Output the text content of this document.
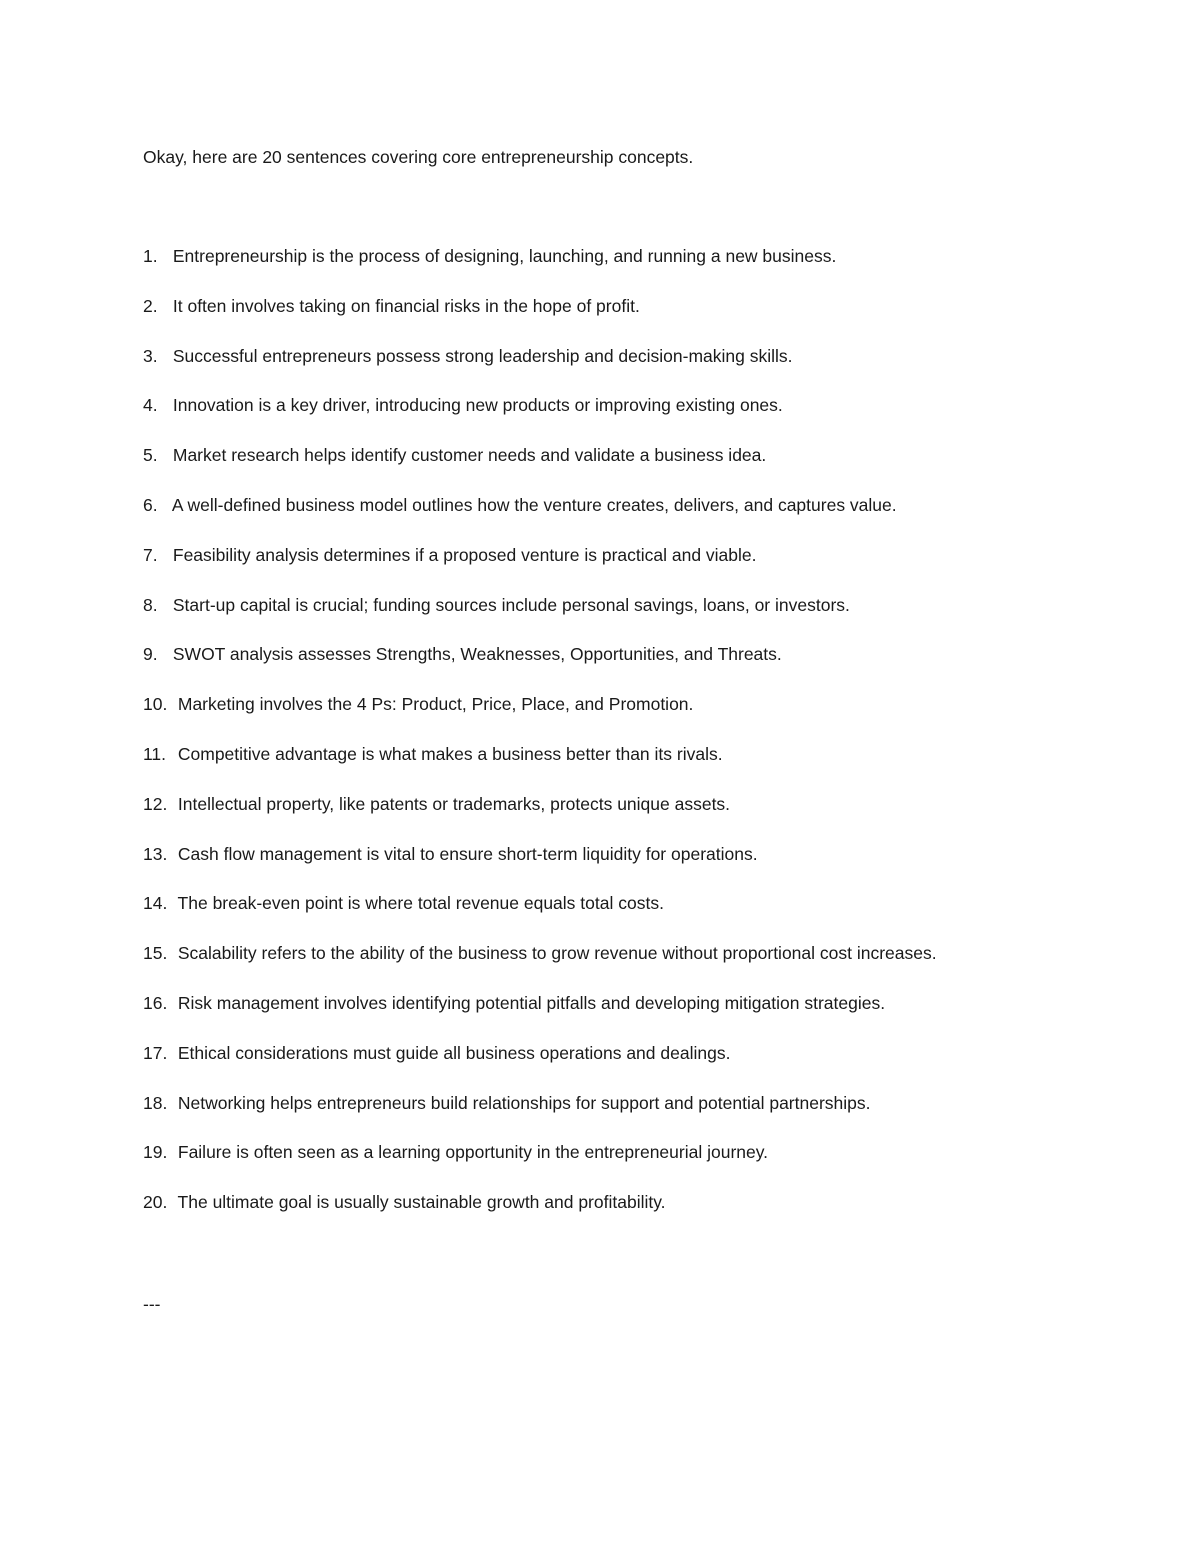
Okay, here are 20 sentences covering core entrepreneurship concepts.
1. Entrepreneurship is the process of designing, launching, and running a new business.
2. It often involves taking on financial risks in the hope of profit.
3. Successful entrepreneurs possess strong leadership and decision-making skills.
4. Innovation is a key driver, introducing new products or improving existing ones.
5. Market research helps identify customer needs and validate a business idea.
6. A well-defined business model outlines how the venture creates, delivers, and captures value.
7. Feasibility analysis determines if a proposed venture is practical and viable.
8. Start-up capital is crucial; funding sources include personal savings, loans, or investors.
9. SWOT analysis assesses Strengths, Weaknesses, Opportunities, and Threats.
10. Marketing involves the 4 Ps: Product, Price, Place, and Promotion.
11. Competitive advantage is what makes a business better than its rivals.
12. Intellectual property, like patents or trademarks, protects unique assets.
13. Cash flow management is vital to ensure short-term liquidity for operations.
14. The break-even point is where total revenue equals total costs.
15. Scalability refers to the ability of the business to grow revenue without proportional cost increases.
16. Risk management involves identifying potential pitfalls and developing mitigation strategies.
17. Ethical considerations must guide all business operations and dealings.
18. Networking helps entrepreneurs build relationships for support and potential partnerships.
19. Failure is often seen as a learning opportunity in the entrepreneurial journey.
20. The ultimate goal is usually sustainable growth and profitability.
---
